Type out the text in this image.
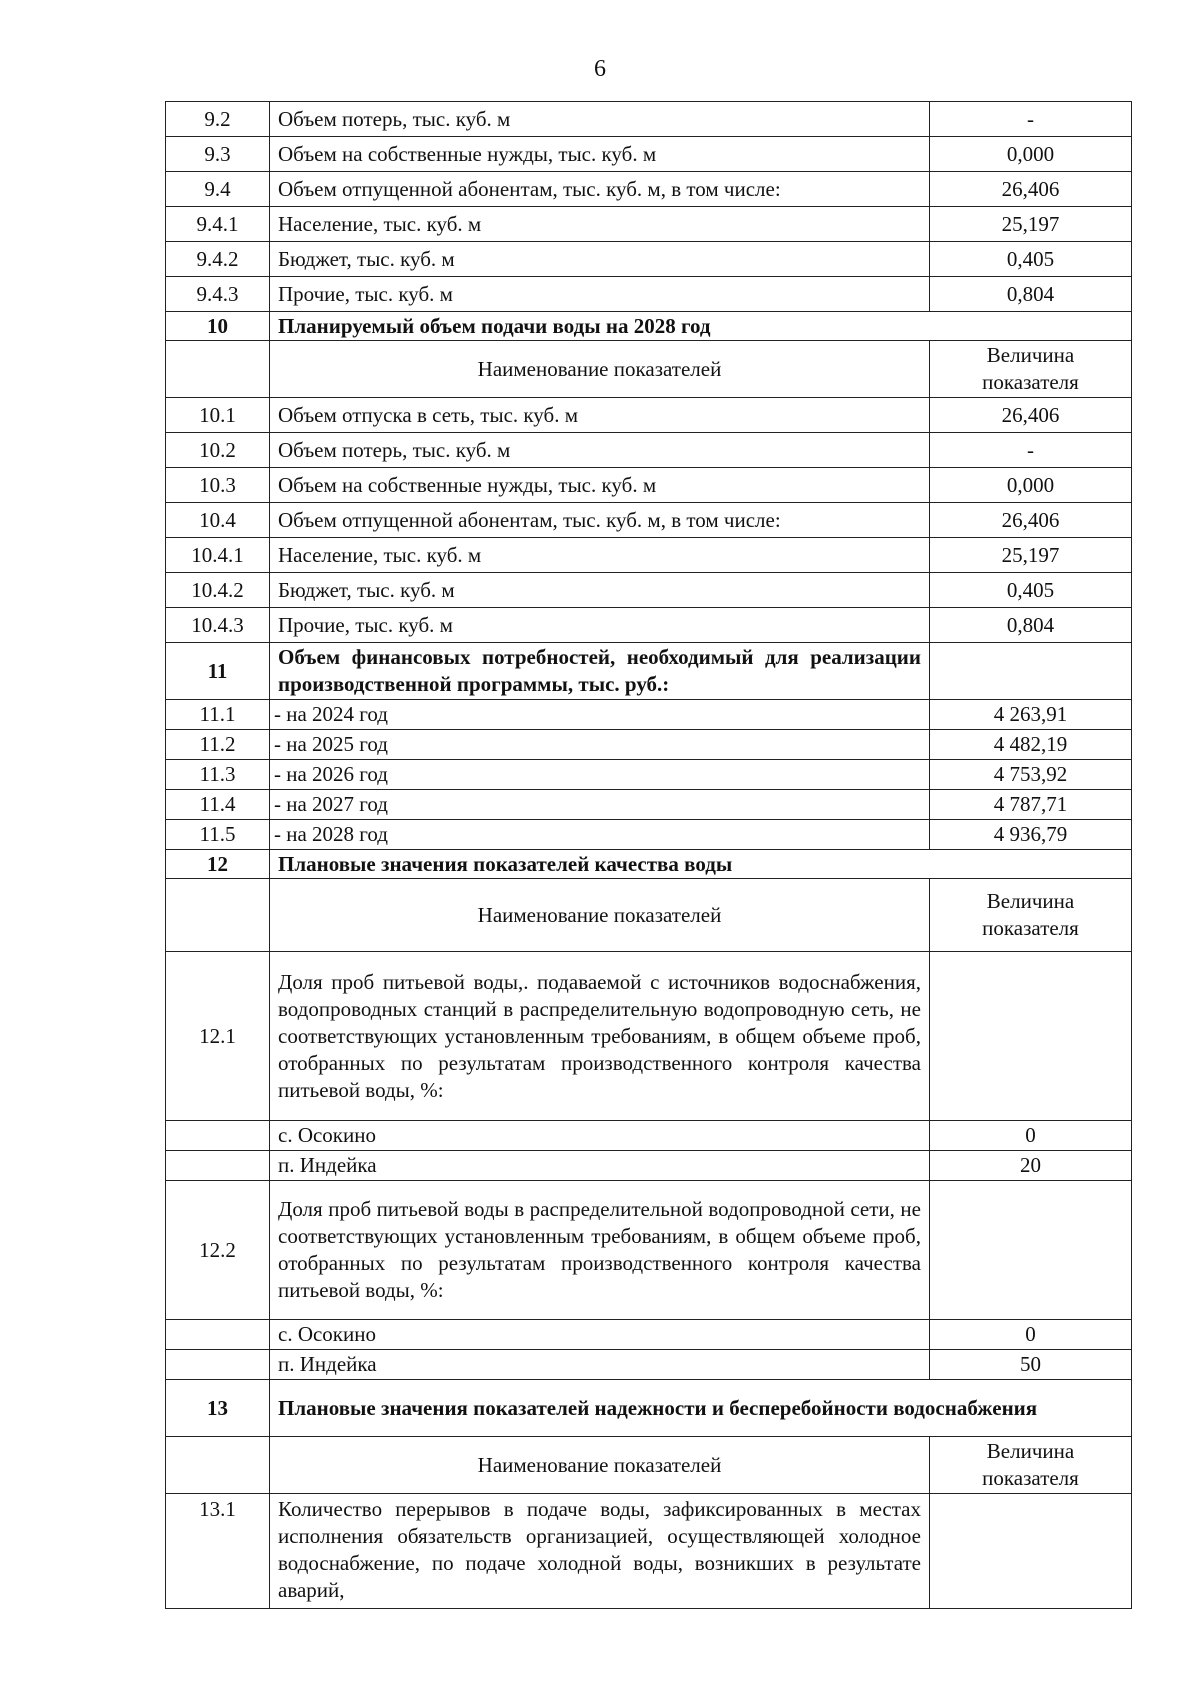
6
9.2	Объем потерь, тыс. куб. м	-
9.3	Объем на собственные нужды, тыс. куб. м	0,000
9.4	Объем отпущенной абонентам, тыс. куб. м, в том числе:	26,406
9.4.1	Население, тыс. куб. м	25,197
9.4.2	Бюджет, тыс. куб. м	0,405
9.4.3	Прочие, тыс. куб. м	0,804
10	Планируемый объем подачи воды на 2028 год	
	Наименование показателей	Величина показателя
10.1	Объем отпуска в сеть, тыс. куб. м	26,406
10.2	Объем потерь, тыс. куб. м	-
10.3	Объем на собственные нужды, тыс. куб. м	0,000
10.4	Объем отпущенной абонентам, тыс. куб. м, в том числе:	26,406
10.4.1	Население, тыс. куб. м	25,197
10.4.2	Бюджет, тыс. куб. м	0,405
10.4.3	Прочие, тыс. куб. м	0,804
11	Объем финансовых потребностей, необходимый для реализации производственной программы, тыс. руб.:	
11.1	- на 2024 год	4 263,91
11.2	- на 2025 год	4 482,19
11.3	- на 2026 год	4 753,92
11.4	- на 2027 год	4 787,71
11.5	- на 2028 год	4 936,79
12	Плановые значения показателей качества воды	
	Наименование показателей	Величина показателя
12.1	Доля проб питьевой воды,. подаваемой с источников водоснабжения, водопроводных станций в распределительную водопроводную сеть, не соответствующих установленным требованиям, в общем объеме проб, отобранных по результатам производственного контроля качества питьевой воды, %:	
	с. Осокино	0
	п. Индейка	20
12.2	Доля проб питьевой воды в распределительной водопроводной сети, не соответствующих установленным требованиям, в общем объеме проб, отобранных по результатам производственного контроля качества питьевой воды, %:	
	с. Осокино	0
	п. Индейка	50
13	Плановые значения показателей надежности и бесперебойности водоснабжения	
	Наименование показателей	Величина показателя
13.1	Количество перерывов в подаче воды, зафиксированных в местах исполнения обязательств организацией, осуществляющей холодное водоснабжение, по подаче холодной воды, возникших в результате аварий,	
